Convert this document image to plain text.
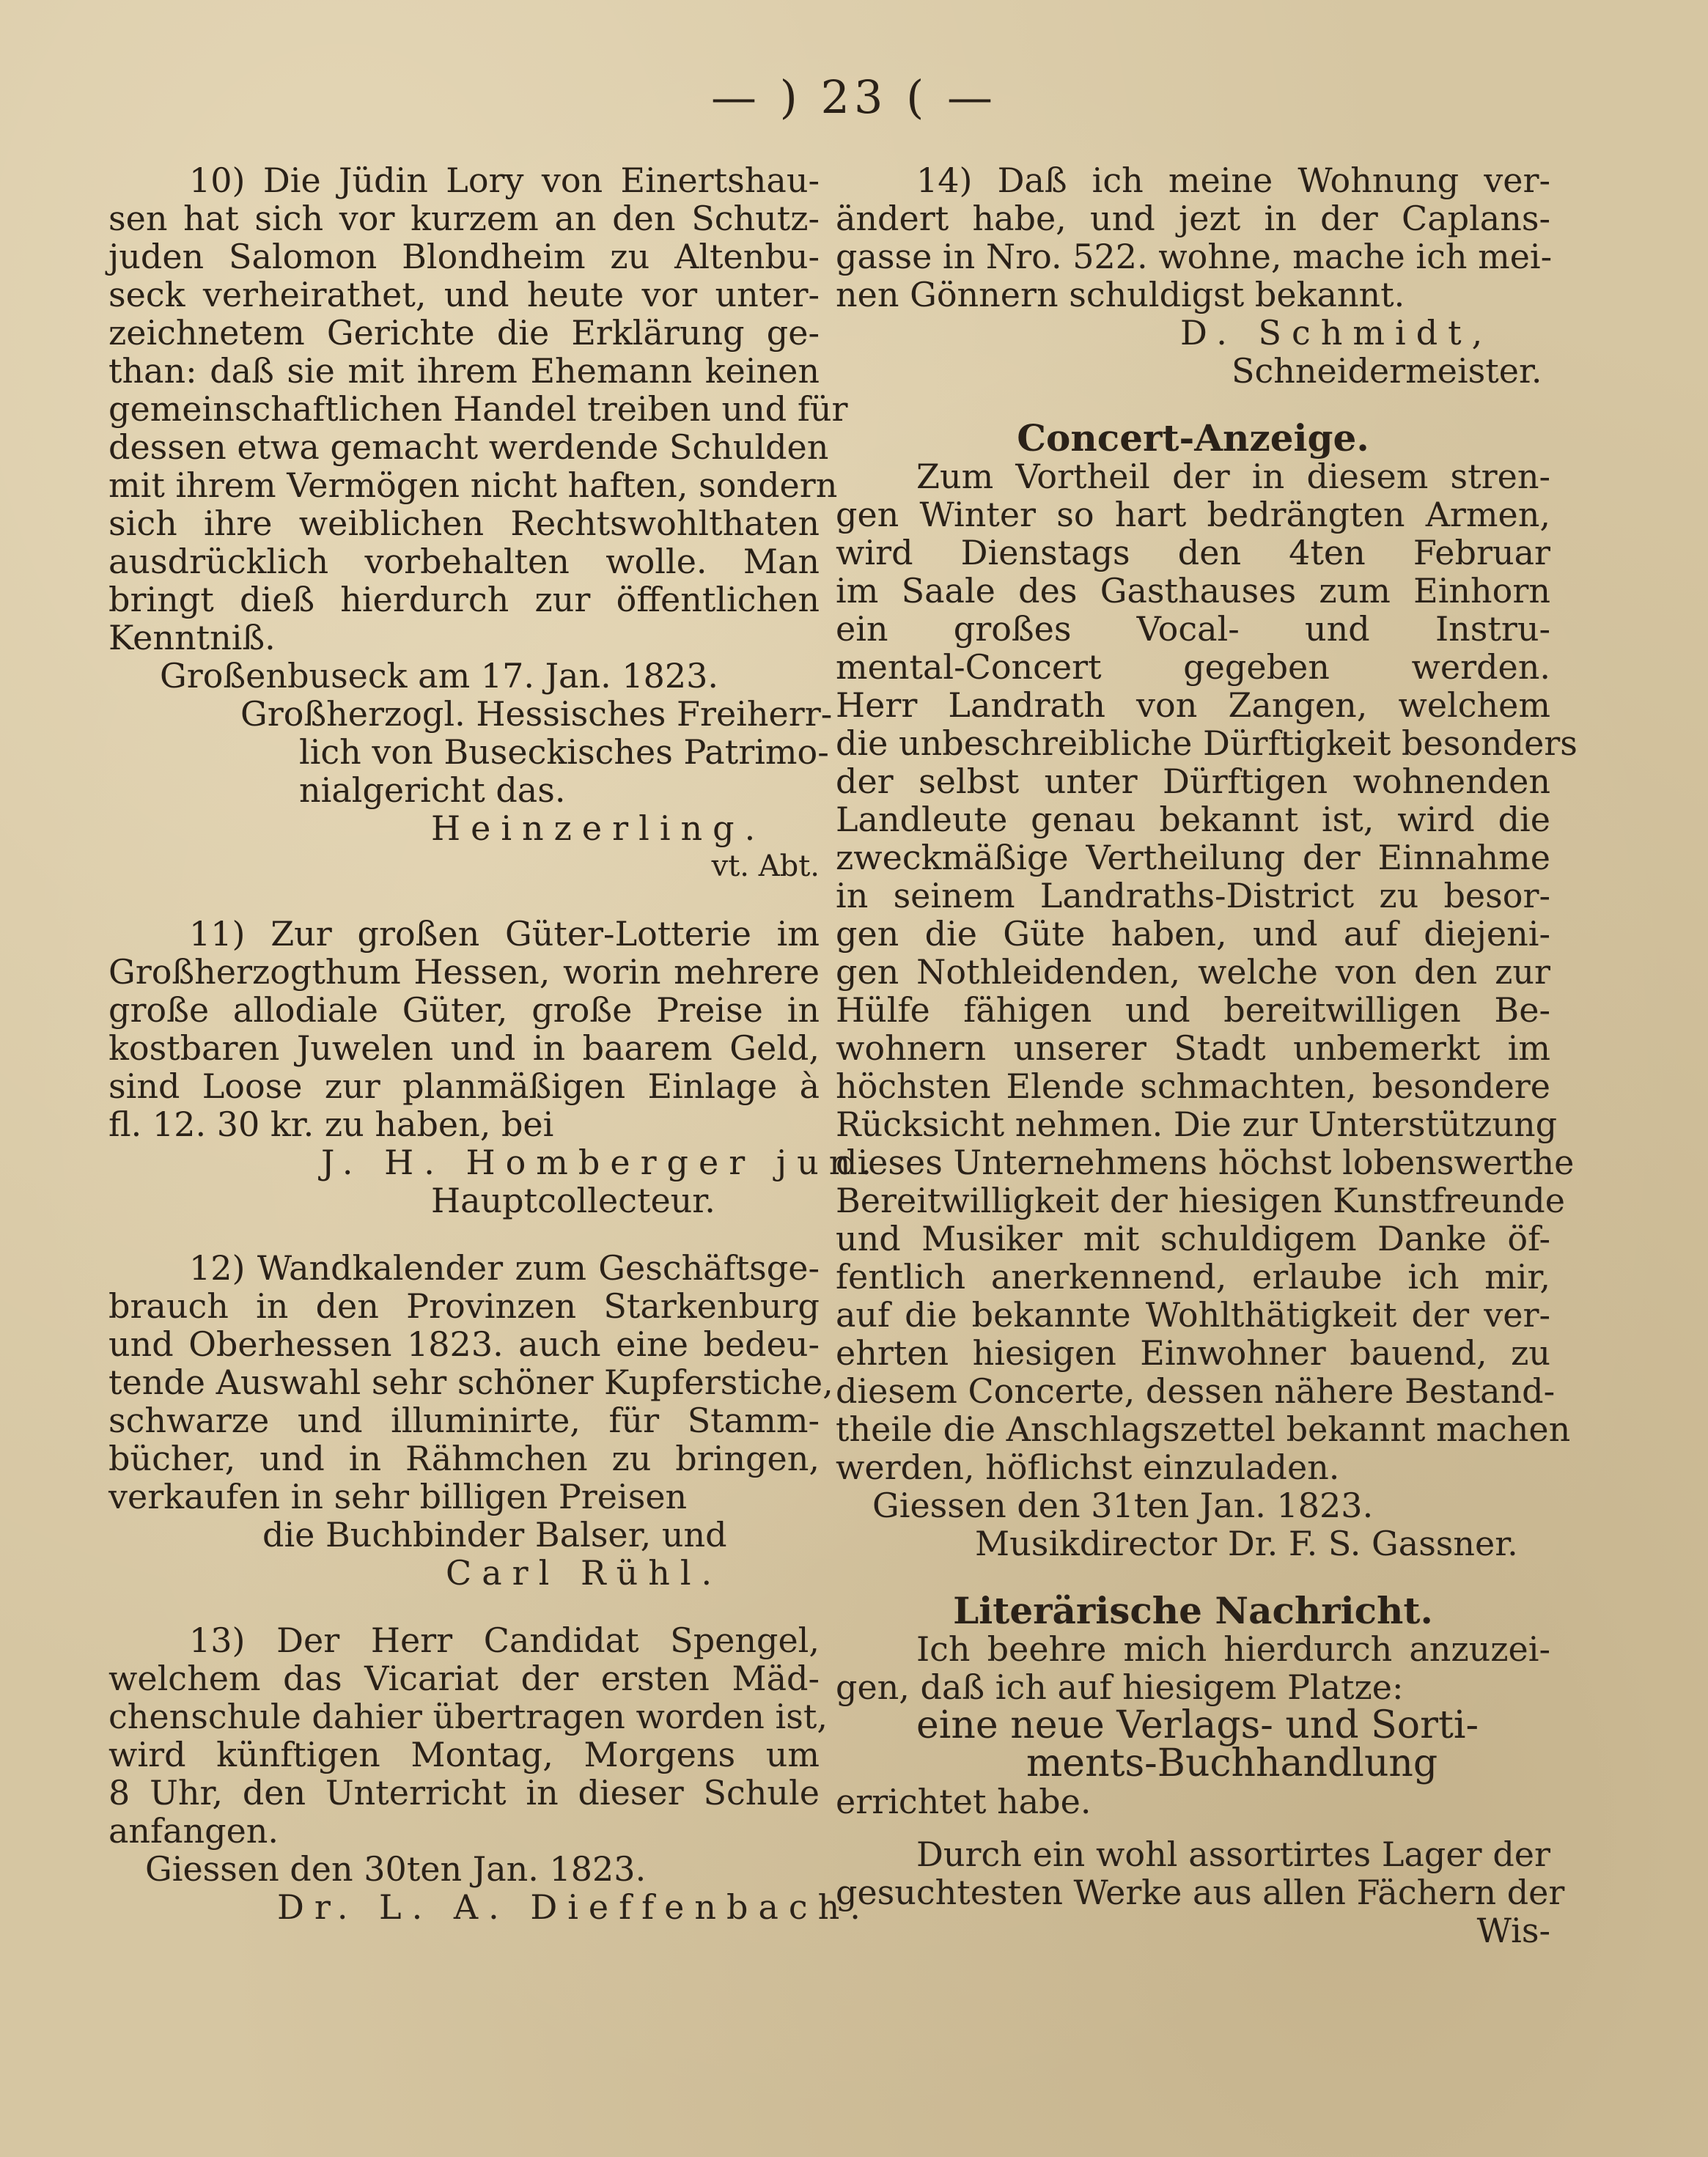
— ) 23 ( —
10) Die Jüdin Lory von Einertshau-
sen hat sich vor kurzem an den Schutz-
juden Salomon Blondheim zu Altenbu-
seck verheirathet, und heute vor unter-
zeichnetem Gerichte die Erklärung ge-
than: daß sie mit ihrem Ehemann keinen
gemeinschaftlichen Handel treiben und für
dessen etwa gemacht werdende Schulden
mit ihrem Vermögen nicht haften, sondern
sich ihre weiblichen Rechtswohlthaten
ausdrücklich vorbehalten wolle. Man
bringt dieß hierdurch zur öffentlichen
Kenntniß.
Großenbuseck am 17. Jan. 1823.
Großherzogl. Hessisches Freiherr-
lich von Buseckisches Patrimo-
nialgericht das.
Heinzerling.
vt. Abt.
11) Zur großen Güter-Lotterie im
Großherzogthum Hessen, worin mehrere
große allodiale Güter, große Preise in
kostbaren Juwelen und in baarem Geld,
sind Loose zur planmäßigen Einlage à
fl. 12. 30 kr. zu haben, bei
J. H. Homberger jun.
Hauptcollecteur.
12) Wandkalender zum Geschäftsge-
brauch in den Provinzen Starkenburg
und Oberhessen 1823. auch eine bedeu-
tende Auswahl sehr schöner Kupferstiche,
schwarze und illuminirte, für Stamm-
bücher, und in Rähmchen zu bringen,
verkaufen in sehr billigen Preisen
die Buchbinder Balser, und
Carl Rühl.
13) Der Herr Candidat Spengel,
welchem das Vicariat der ersten Mäd-
chenschule dahier übertragen worden ist,
wird künftigen Montag, Morgens um
8 Uhr, den Unterricht in dieser Schule
anfangen.
Giessen den 30ten Jan. 1823.
Dr. L. A. Dieffenbach.
14) Daß ich meine Wohnung ver-
ändert habe, und jezt in der Caplans-
gasse in Nro. 522. wohne, mache ich mei-
nen Gönnern schuldigst bekannt.
D. Schmidt,
Schneidermeister.
Concert-Anzeige.
Zum Vortheil der in diesem stren-
gen Winter so hart bedrängten Armen,
wird Dienstags den 4ten Februar
im Saale des Gasthauses zum Einhorn
ein großes Vocal- und Instru-
mental-Concert gegeben werden.
Herr Landrath von Zangen, welchem
die unbeschreibliche Dürftigkeit besonders
der selbst unter Dürftigen wohnenden
Landleute genau bekannt ist, wird die
zweckmäßige Vertheilung der Einnahme
in seinem Landraths-District zu besor-
gen die Güte haben, und auf diejeni-
gen Nothleidenden, welche von den zur
Hülfe fähigen und bereitwilligen Be-
wohnern unserer Stadt unbemerkt im
höchsten Elende schmachten, besondere
Rücksicht nehmen. Die zur Unterstützung
dieses Unternehmens höchst lobenswerthe
Bereitwilligkeit der hiesigen Kunstfreunde
und Musiker mit schuldigem Danke öf-
fentlich anerkennend, erlaube ich mir,
auf die bekannte Wohlthätigkeit der ver-
ehrten hiesigen Einwohner bauend, zu
diesem Concerte, dessen nähere Bestand-
theile die Anschlagszettel bekannt machen
werden, höflichst einzuladen.
Giessen den 31ten Jan. 1823.
Musikdirector Dr. F. S. Gassner.
Literärische Nachricht.
Ich beehre mich hierdurch anzuzei-
gen, daß ich auf hiesigem Platze:
eine neue Verlags- und Sorti-
ments-Buchhandlung
errichtet habe.
Durch ein wohl assortirtes Lager der
gesuchtesten Werke aus allen Fächern der
Wis-
